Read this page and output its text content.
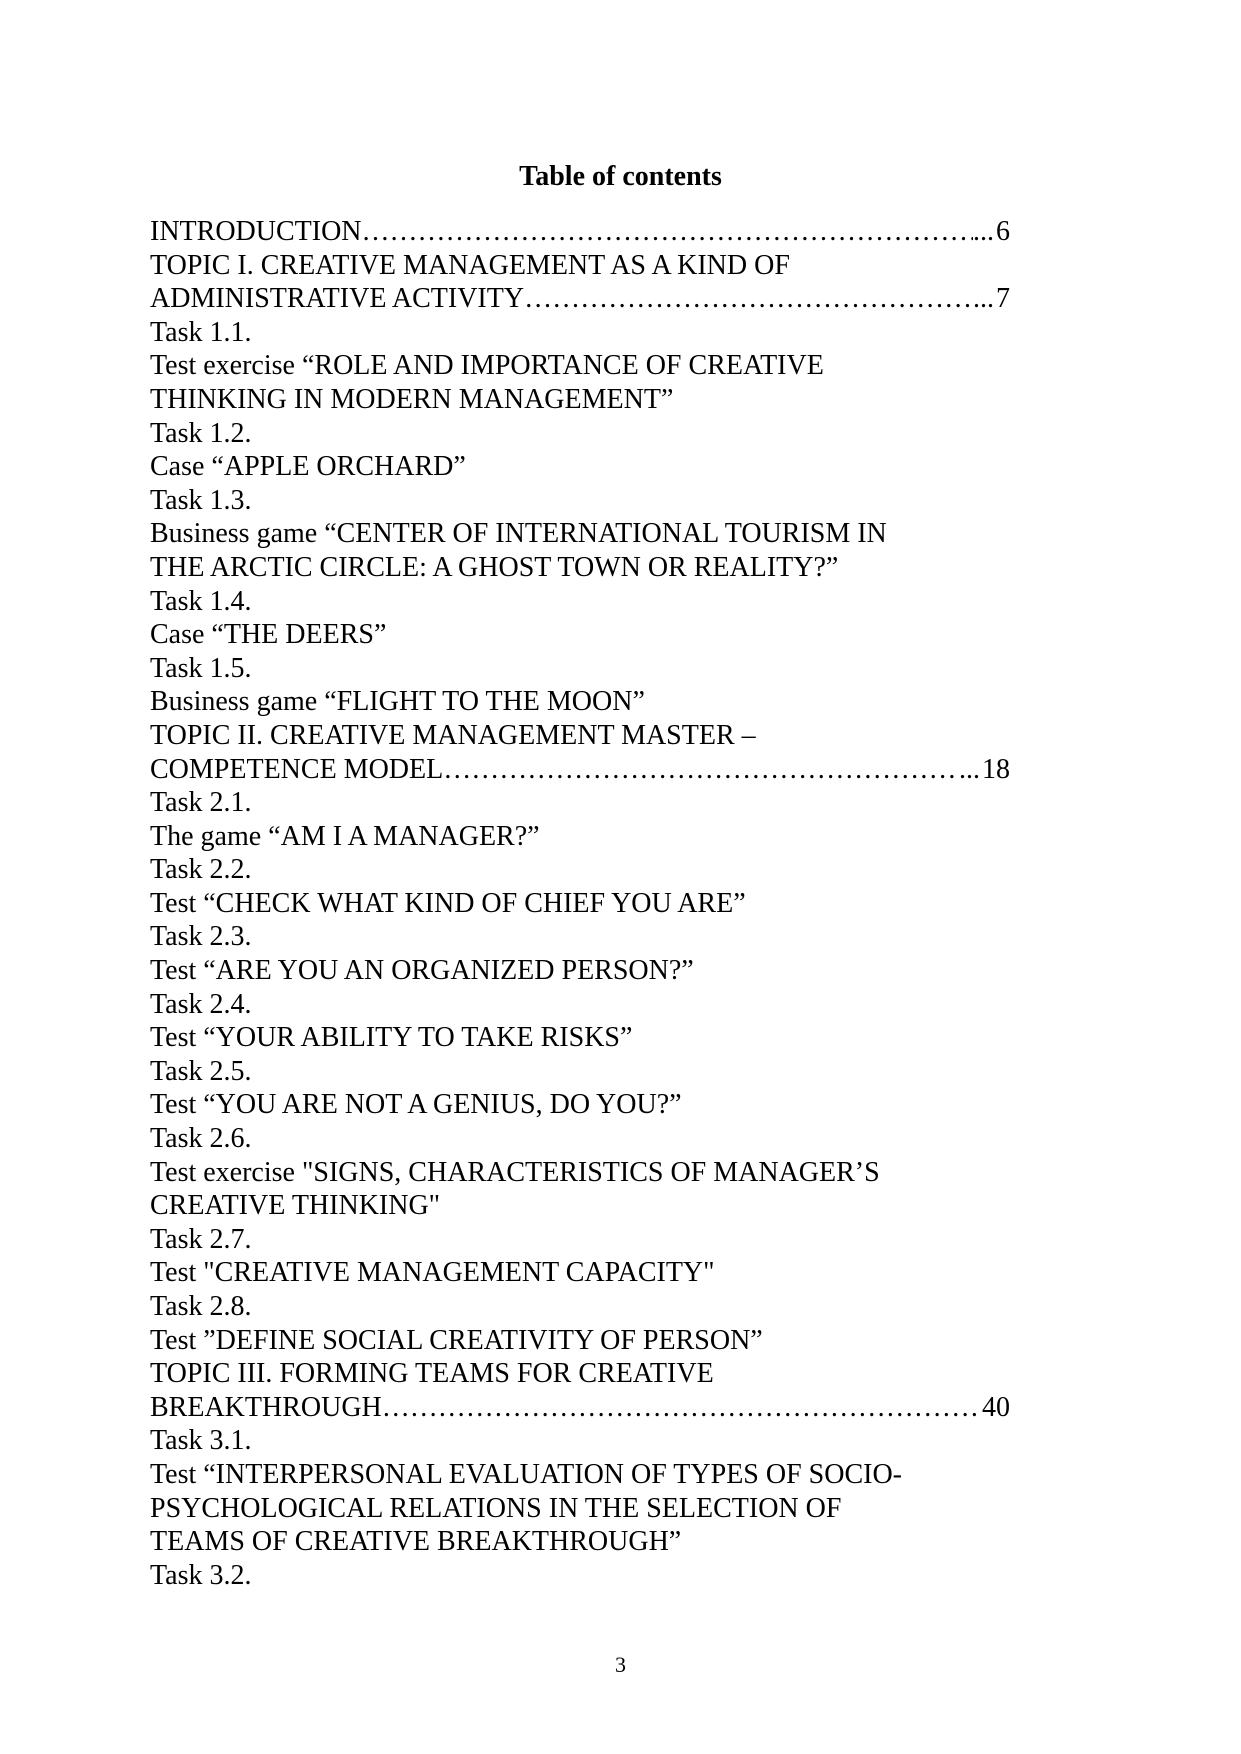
Table of contents
INTRODUCTION ……………………………………………………………………………………………………………………………	... 6
TOPIC I. CREATIVE MANAGEMENT AS A KIND OF
ADMINISTRATIVE ACTIVITY ……………………………………………………………………………………………………………………………	... 7
Task 1.1.
Test exercise “ROLE AND IMPORTANCE OF CREATIVE
THINKING IN MODERN MANAGEMENT”
Task 1.2.
Case “APPLE ORCHARD”
Task 1.3.
Business game “CENTER OF INTERNATIONAL TOURISM IN
THE ARCTIC CIRCLE: A GHOST TOWN OR REALITY?”
Task 1.4.
Case “THE DEERS”
Task 1.5.
Business game “FLIGHT TO THE MOON”
TOPIC II. CREATIVE MANAGEMENT MASTER –
COMPETENCE MODEL ……………………………………………………………………………………………………………………………	... 18
Task 2.1.
The game “AM I A MANAGER?”
Task 2.2.
Test “CHECK WHAT KIND OF CHIEF YOU ARE”
Task 2.3.
Test “ARE YOU AN ORGANIZED PERSON?”
Task 2.4.
Test “YOUR ABILITY TO TAKE RISKS”
Task 2.5.
Test “YOU ARE NOT A GENIUS, DO YOU?”
Task 2.6.
Test exercise "SIGNS, CHARACTERISTICS OF MANAGER’S
CREATIVE THINKING"
Task 2.7.
Test "CREATIVE MANAGEMENT CAPACITY"
Task 2.8.
Test ”DEFINE SOCIAL CREATIVITY OF PERSON”
TOPIC III. FORMING TEAMS FOR CREATIVE
BREAKTHROUGH ……………………………………………………………………………………………………………………………	40
Task 3.1.
Test “INTERPERSONAL EVALUATION OF TYPES OF SOCIO-
PSYCHOLOGICAL RELATIONS IN THE SELECTION OF
TEAMS OF CREATIVE BREAKTHROUGH”
Task 3.2.
3
